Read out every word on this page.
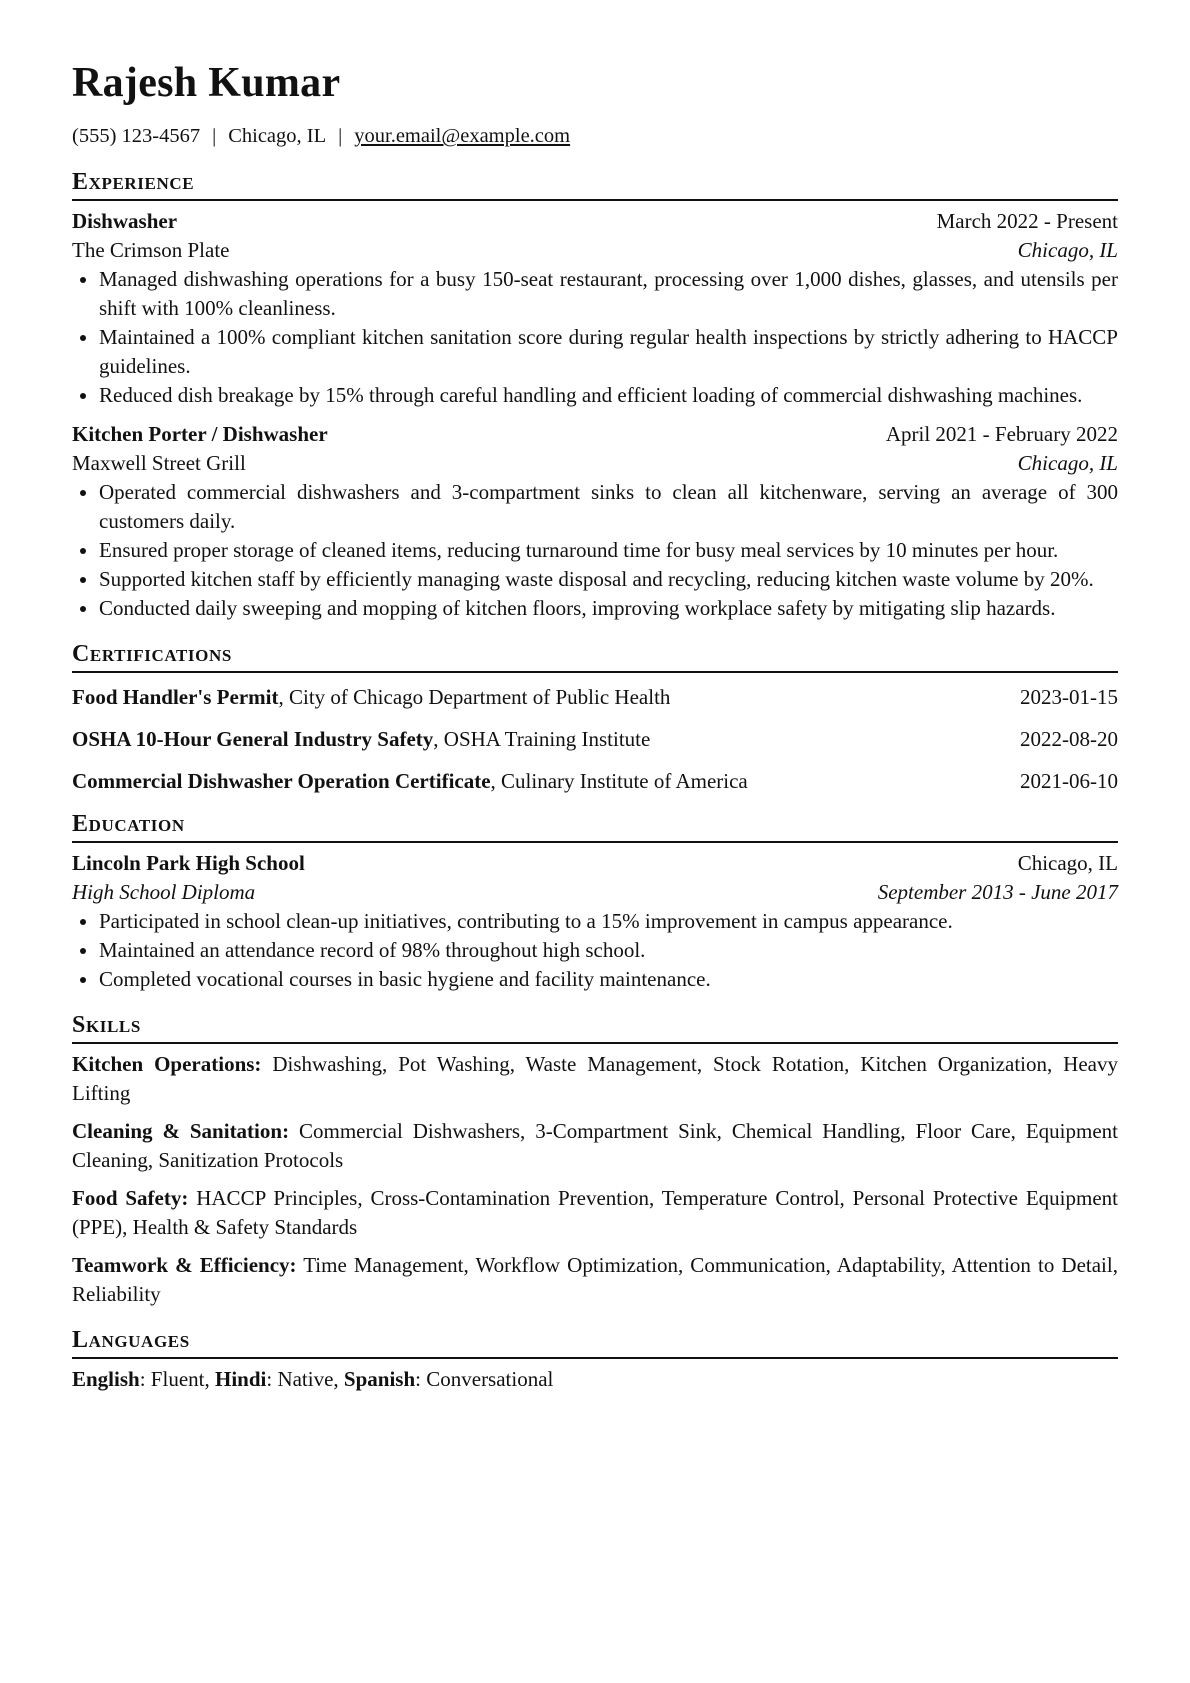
Rajesh Kumar
(555) 123-4567 | Chicago, IL | your.email@example.com
Experience
Dishwasher	March 2022 - Present
The Crimson Plate	Chicago, IL
• Managed dishwashing operations for a busy 150-seat restaurant, processing over 1,000 dishes, glasses, and utensils per shift with 100% cleanliness.
• Maintained a 100% compliant kitchen sanitation score during regular health inspections by strictly adhering to HACCP guidelines.
• Reduced dish breakage by 15% through careful handling and efficient loading of commercial dishwashing machines.
Kitchen Porter / Dishwasher	April 2021 - February 2022
Maxwell Street Grill	Chicago, IL
• Operated commercial dishwashers and 3-compartment sinks to clean all kitchenware, serving an average of 300 customers daily.
• Ensured proper storage of cleaned items, reducing turnaround time for busy meal services by 10 minutes per hour.
• Supported kitchen staff by efficiently managing waste disposal and recycling, reducing kitchen waste volume by 20%.
• Conducted daily sweeping and mopping of kitchen floors, improving workplace safety by mitigating slip hazards.
Certifications
Food Handler's Permit, City of Chicago Department of Public Health	2023-01-15
OSHA 10-Hour General Industry Safety, OSHA Training Institute	2022-08-20
Commercial Dishwasher Operation Certificate, Culinary Institute of America	2021-06-10
Education
Lincoln Park High School	Chicago, IL
High School Diploma	September 2013 - June 2017
• Participated in school clean-up initiatives, contributing to a 15% improvement in campus appearance.
• Maintained an attendance record of 98% throughout high school.
• Completed vocational courses in basic hygiene and facility maintenance.
Skills
Kitchen Operations: Dishwashing, Pot Washing, Waste Management, Stock Rotation, Kitchen Organization, Heavy Lifting
Cleaning & Sanitation: Commercial Dishwashers, 3-Compartment Sink, Chemical Handling, Floor Care, Equipment Cleaning, Sanitization Protocols
Food Safety: HACCP Principles, Cross-Contamination Prevention, Temperature Control, Personal Protective Equipment (PPE), Health & Safety Standards
Teamwork & Efficiency: Time Management, Workflow Optimization, Communication, Adaptability, Attention to Detail, Reliability
Languages
English: Fluent, Hindi: Native, Spanish: Conversational
